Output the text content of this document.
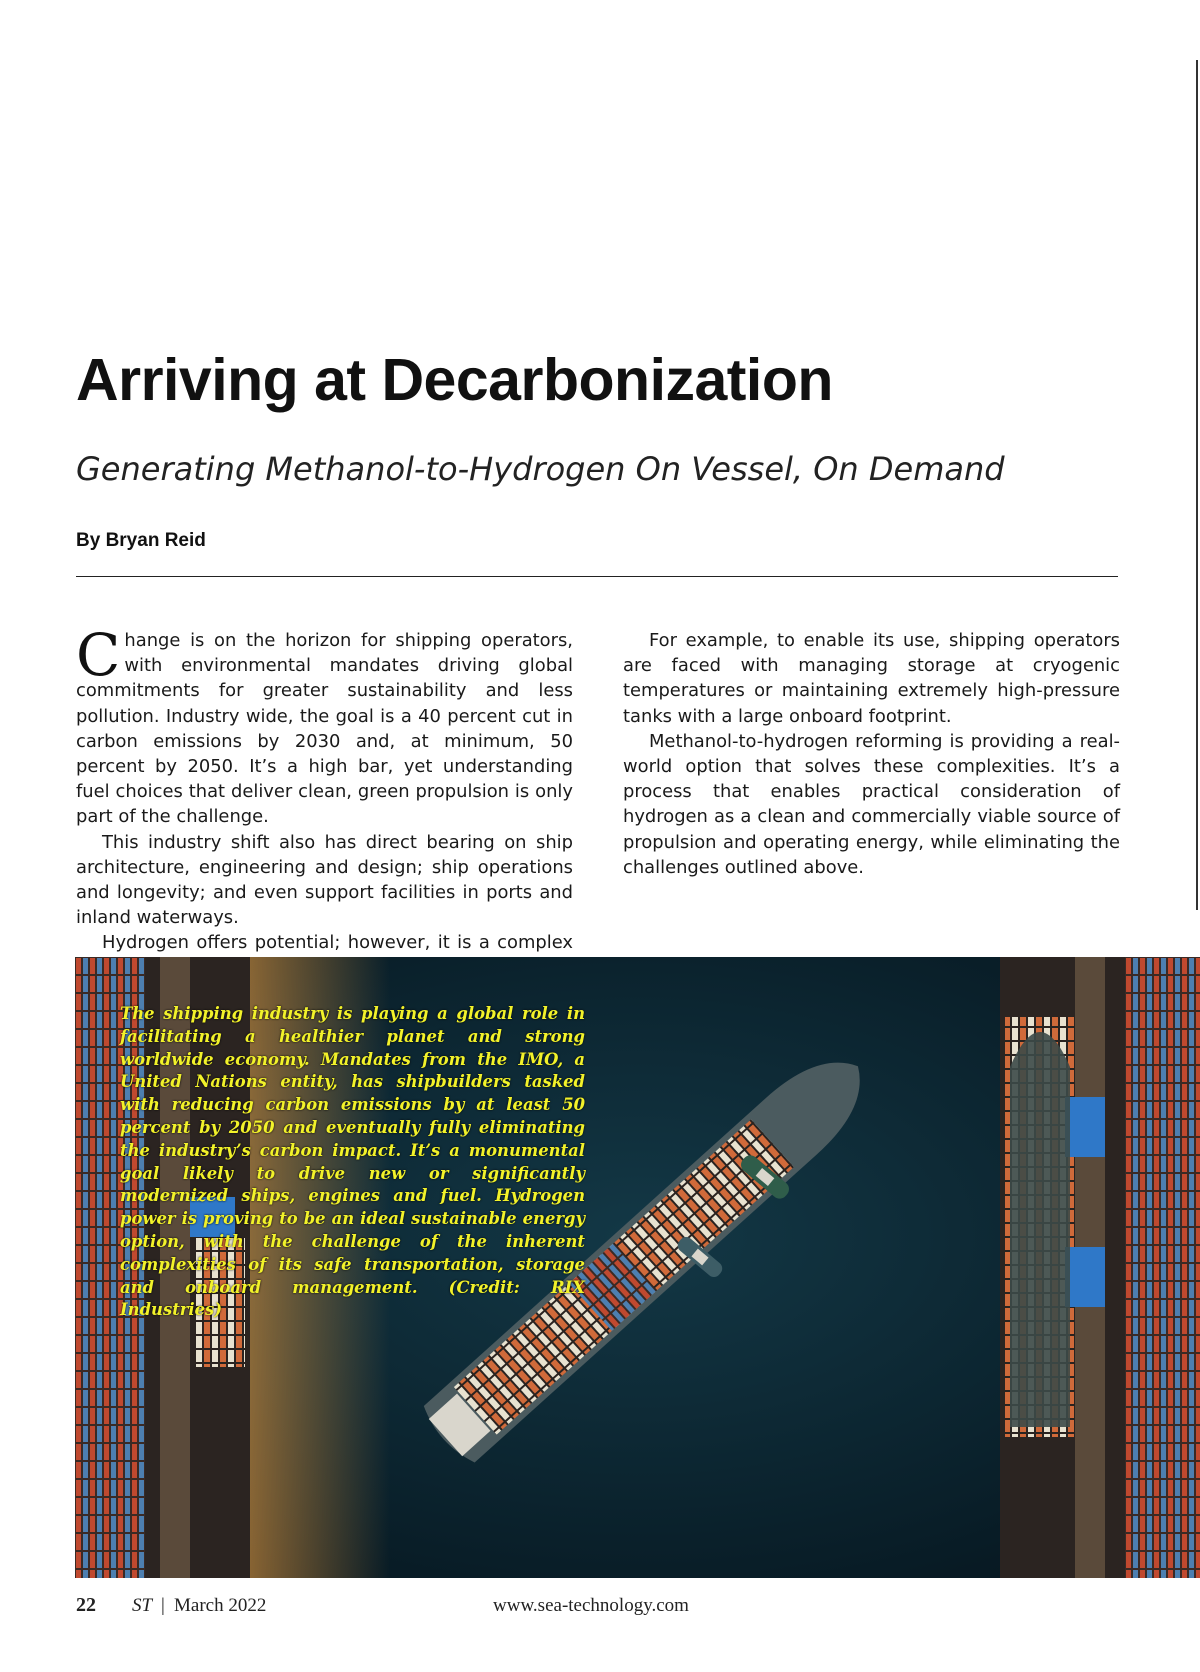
Arriving at Decarbonization
Generating Methanol-to-Hydrogen On Vessel, On Demand
By Bryan Reid

Change is on the horizon for shipping operators, with environmental mandates driving global commitments for greater sustainability and less pollution. Industry wide, the goal is a 40 percent cut in carbon emissions by 2030 and, at minimum, 50 percent by 2050. It’s a high bar, yet understanding fuel choices that deliver clean, green propulsion is only part of the challenge.

This industry shift also has direct bearing on ship architecture, engineering and design; ship operations and longevity; and even support facilities in ports and inland waterways.

Hydrogen offers potential; however, it is a complex

For example, to enable its use, shipping operators are faced with managing storage at cryogenic temperatures or maintaining extremely high-pressure tanks with a large onboard footprint.

Methanol-to-hydrogen reforming is providing a real-world option that solves these complexities. It’s a process that enables practical consideration of hydrogen as a clean and commercially viable source of propulsion and operating energy, while eliminating the challenges outlined above.

The shipping industry is playing a global role in facilitating a healthier planet and strong worldwide economy. Mandates from the IMO, a United Nations entity, has shipbuilders tasked with reducing carbon emissions by at least 50 percent by 2050 and eventually fully eliminating the industry’s carbon impact. It’s a monumental goal likely to drive new or significantly modernized ships, engines and fuel. Hydrogen power is proving to be an ideal sustainable energy option, with the challenge of the inherent complexities of its safe transportation, storage and onboard management. (Credit: RIX Industries)

22 ST | March 2022	www.sea-technology.com
